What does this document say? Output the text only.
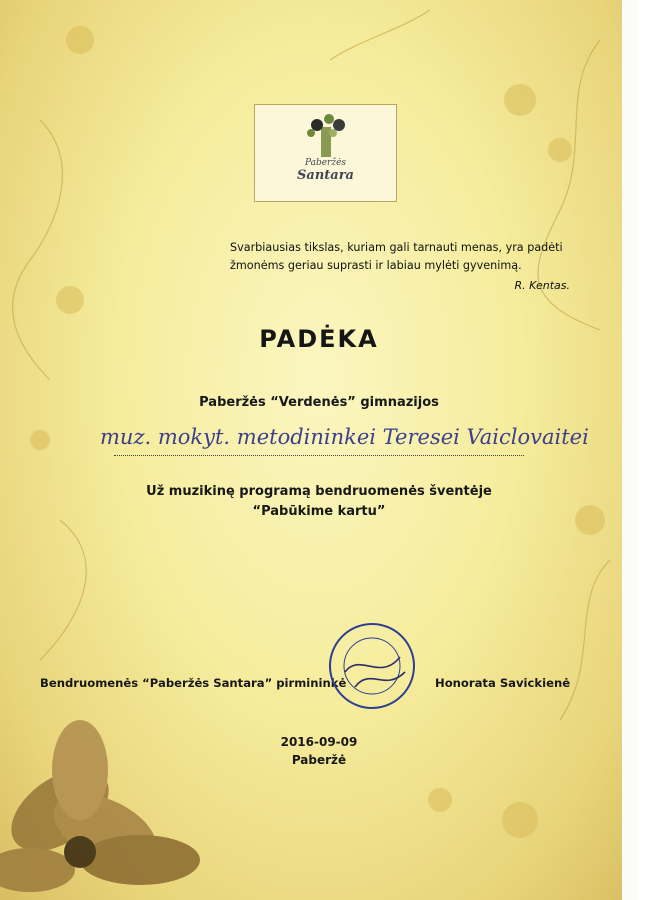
Paberžės
Santara
Svarbiausias tikslas, kuriam gali tarnauti menas, yra padėti žmonėms geriau suprasti ir labiau mylėti gyvenimą.
R. Kentas.
PADĖKA
Paberžės “Verdenės” gimnazijos
muz. mokyt. metodininkei Teresei Vaiclovaitei
Už muzikinę programą bendruomenės šventėje
“Pabūkime kartu”
Bendruomenės “Paberžės Santara” pirmininkė	Honorata Savickienė
2016-09-09
Paberžė
